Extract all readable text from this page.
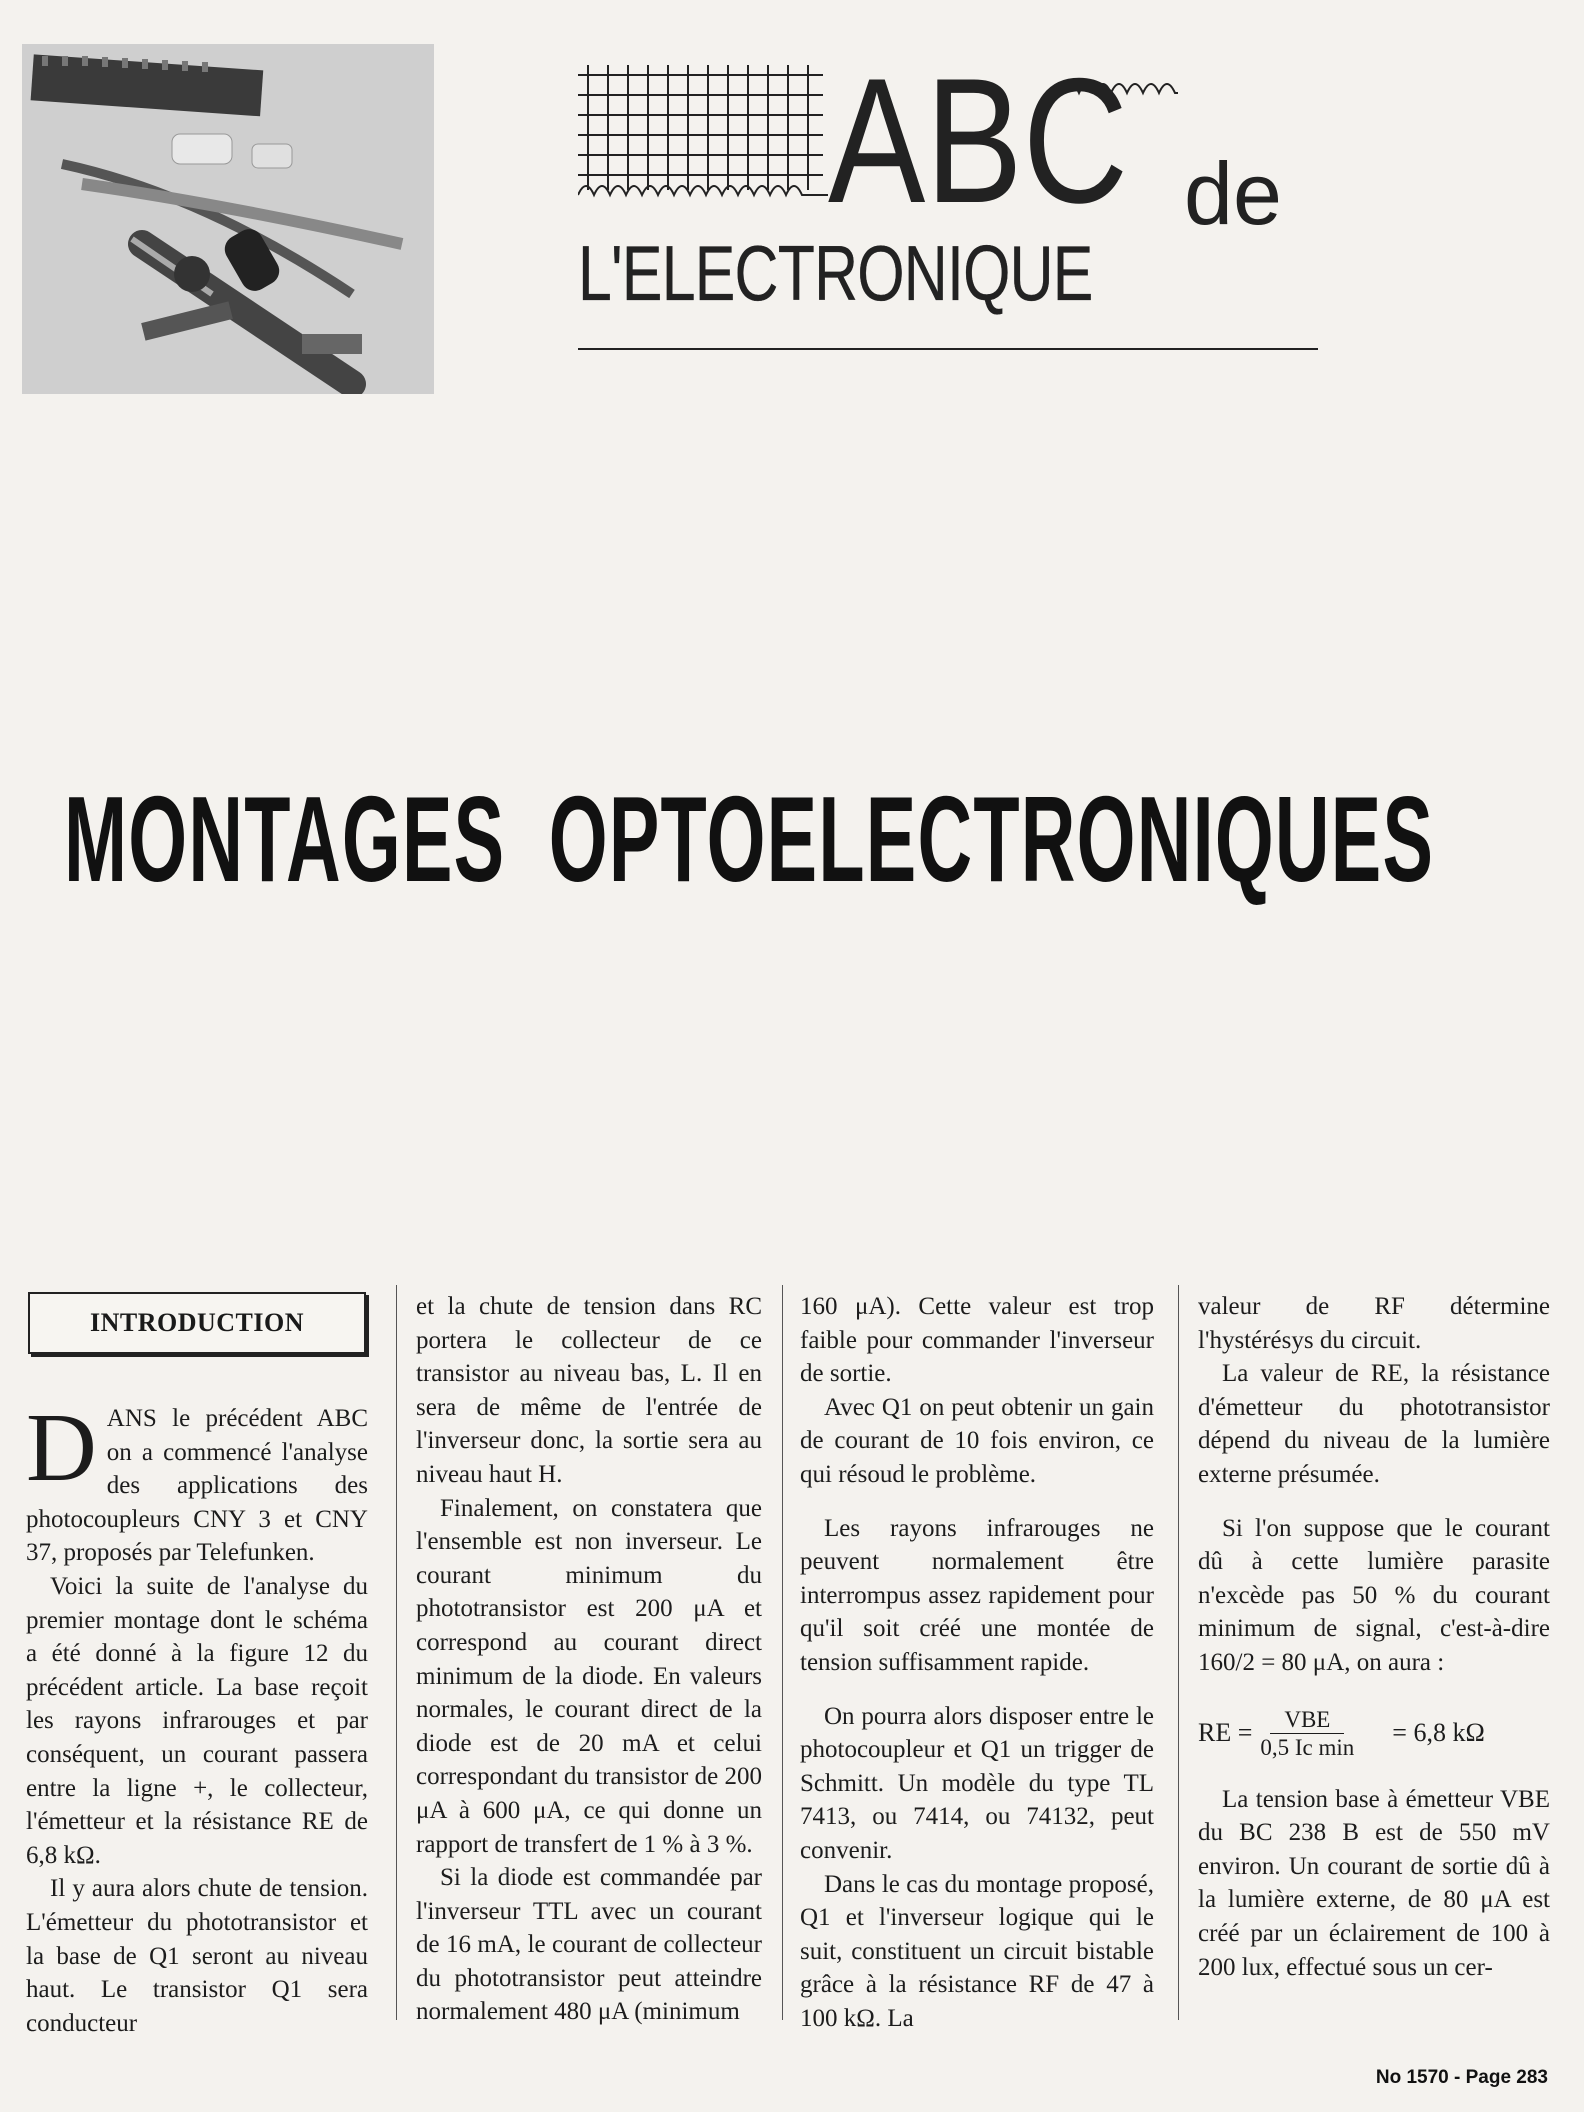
ABC de
L'ELECTRONIQUE
MONTAGES OPTOELECTRONIQUES
INTRODUCTION

DANS le précédent ABC on a commencé l'analyse des applications des photocoupleurs CNY 3 et CNY 37, proposés par Telefunken.

Voici la suite de l'analyse du premier montage dont le schéma a été donné à la figure 12 du précédent article. La base reçoit les rayons infrarouges et par conséquent, un courant passera entre la ligne +, le collecteur, l'émetteur et la résistance RE de 6,8 kΩ.

Il y aura alors chute de tension. L'émetteur du phototransistor et la base de Q1 seront au niveau haut. Le transistor Q1 sera conducteur

et la chute de tension dans RC portera le collecteur de ce transistor au niveau bas, L. Il en sera de même de l'entrée de l'inverseur donc, la sortie sera au niveau haut H.

Finalement, on constatera que l'ensemble est non inverseur. Le courant minimum du phototransistor est 200 μA et correspond au courant direct minimum de la diode. En valeurs normales, le courant direct de la diode est de 20 mA et celui correspondant du transistor de 200 μA à 600 μA, ce qui donne un rapport de transfert de 1 % à 3 %.

Si la diode est commandée par l'inverseur TTL avec un courant de 16 mA, le courant de collecteur du phototransistor peut atteindre normalement 480 μA (minimum

160 μA). Cette valeur est trop faible pour commander l'inverseur de sortie.

Avec Q1 on peut obtenir un gain de courant de 10 fois environ, ce qui résoud le problème.

Les rayons infrarouges ne peuvent normalement être interrompus assez rapidement pour qu'il soit créé une montée de tension suffisamment rapide.

On pourra alors disposer entre le photocoupleur et Q1 un trigger de Schmitt. Un modèle du type TL 7413, ou 7414, ou 74132, peut convenir.

Dans le cas du montage proposé, Q1 et l'inverseur logique qui le suit, constituent un circuit bistable grâce à la résistance RF de 47 à 100 kΩ. La

valeur de RF détermine l'hystérésys du circuit.

La valeur de RE, la résistance d'émetteur du phototransistor dépend du niveau de la lumière externe présumée.

Si l'on suppose que le courant dû à cette lumière parasite n'excède pas 50 % du courant minimum de signal, c'est-à-dire 160/2 = 80 μA, on aura :

RE = $\frac{\text{VBE}}{\text{0,5 Ic min}} = 6,8$ kΩ

La tension base à émetteur VBE du BC 238 B est de 550 mV environ. Un courant de sortie dû à la lumière externe, de 80 μA est créé par un éclairement de 100 à 200 lux, effectué sous un cer-

No 1570 - Page 283
